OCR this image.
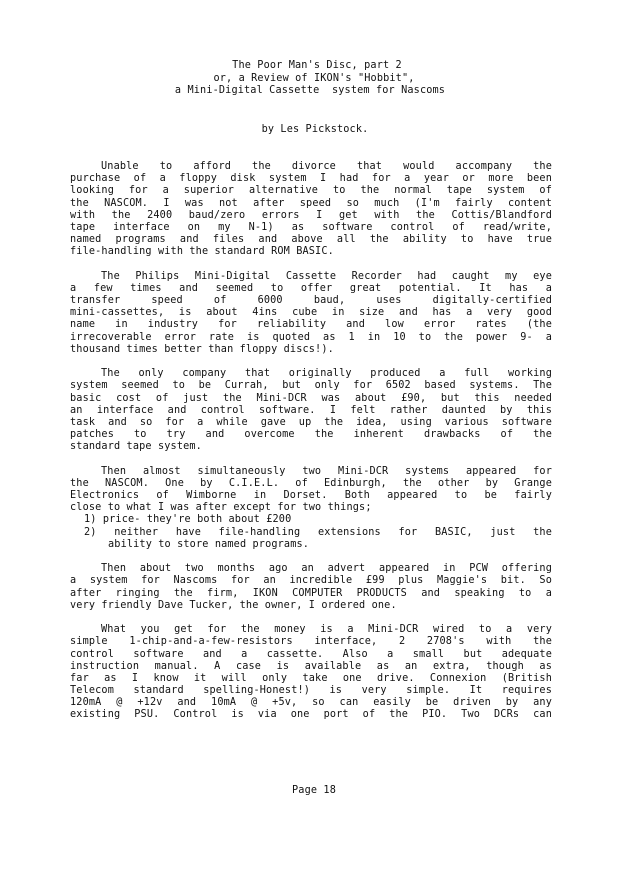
The Poor Man's Disc, part 2
or, a Review of IKON's "Hobbit",
a Mini-Digital Cassette  system for Nascoms
by Les Pickstock.
Unable to afford the divorce that would accompany the
purchase of a floppy disk system I had for a year or more been
looking for a superior alternative to the normal tape system of
the NASCOM. I was not after speed so much (I'm fairly content
with the 2400 baud/zero errors I get with the Cottis/Blandford
tape interface on my N-1) as software control of read/write,
named programs and files and above all the ability to have true
file-handling with the standard ROM BASIC.
The Philips Mini-Digital Cassette Recorder had caught my eye
a few times and seemed to offer great potential. It has a
transfer speed of 6000 baud, uses digitally-certified
mini-cassettes, is about 4ins cube in size and has a very good
name in industry for reliability and low error rates (the
irrecoverable error rate is quoted as 1 in 10 to the power 9- a
thousand times better than floppy discs!).
The only company that originally produced a full working
system seemed to be Currah, but only for 6502 based systems. The
basic cost of just the Mini-DCR was about £90, but this needed
an interface and control software. I felt rather daunted by this
task and so for a while gave up the idea, using various software
patches to try and overcome the inherent drawbacks of the
standard tape system.
Then almost simultaneously two Mini-DCR systems appeared for
the NASCOM. One by C.I.E.L. of Edinburgh, the other by Grange
Electronics of Wimborne in Dorset. Both appeared to be fairly
close to what I was after except for two things;
1) price- they're both about £200
2) neither have file-handling extensions for BASIC, just the
ability to store named programs.
Then about two months ago an advert appeared in PCW offering
a system for Nascoms for an incredible £99 plus Maggie's bit. So
after ringing the firm, IKON COMPUTER PRODUCTS and speaking to a
very friendly Dave Tucker, the owner, I ordered one.
What you get for the money is a Mini-DCR wired to a very
simple 1-chip-and-a-few-resistors interface, 2 2708's with the
control software and a cassette. Also a small but adequate
instruction manual. A case is available as an extra, though as
far as I know it will only take one drive. Connexion (British
Telecom standard spelling-Honest!) is very simple. It requires
120mA @ +12v and 10mA @ +5v, so can easily be driven by any
existing PSU. Control is via one port of the PIO. Two DCRs can
Page 18
